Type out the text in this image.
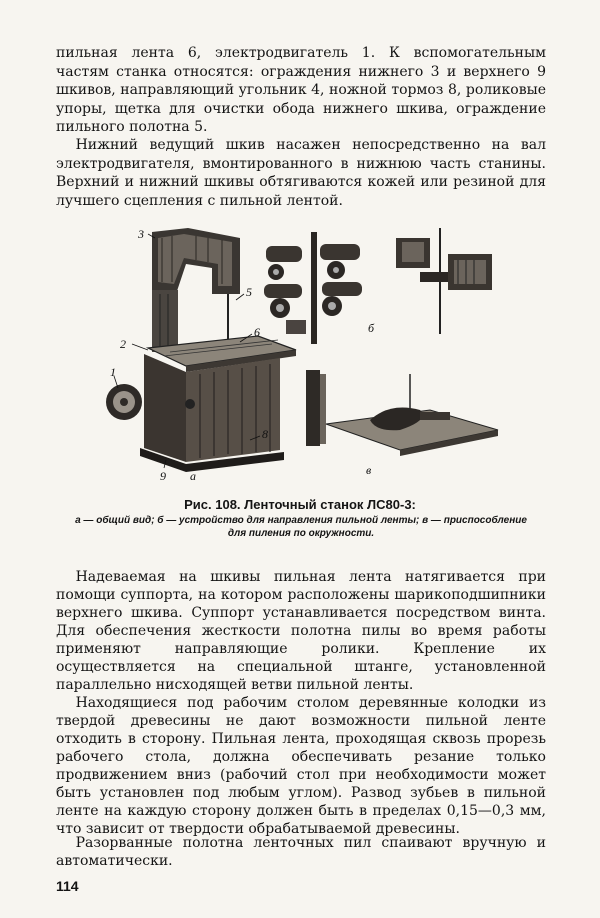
пильная лента 6, электродвигатель 1. К вспомогательным частям станка относятся: ограждения нижнего 3 и верхнего 9 шкивов, направляющий угольник 4, ножной тормоз 8, роликовые упоры, щетка для очистки обода нижнего шкива, ограждение пильного полотна 5.

Нижний ведущий шкив насажен непосредственно на вал электродвигателя, вмонтированного в нижнюю часть станины. Верхний и нижний шкивы обтягиваются кожей или резиной для лучшего сцепления с пильной лентой.

3
5
6
2
1
8
9 а
б
в

Рис. 108. Ленточный станок ЛС80-3:

а — общий вид; б — устройство для направления пильной ленты; в — приспособление для пиления по окружности.

Надеваемая на шкивы пильная лента натягивается при помощи суппорта, на котором расположены шарикоподшипники верхнего шкива. Суппорт устанавливается посредством винта. Для обеспечения жесткости полотна пилы во время работы применяют направляющие ролики. Крепление их осуществляется на специальной штанге, установленной параллельно нисходящей ветви пильной ленты.

Находящиеся под рабочим столом деревянные колодки из твердой древесины не дают возможности пильной ленте отходить в сторону. Пильная лента, проходящая сквозь прорезь рабочего стола, должна обеспечивать резание только продвижением вниз (рабочий стол при необходимости может быть установлен под любым углом). Развод зубьев в пильной ленте на каждую сторону должен быть в пределах 0,15—0,3 мм, что зависит от твердости обрабатываемой древесины.

Разорванные полотна ленточных пил спаивают вручную и автоматически.

114
